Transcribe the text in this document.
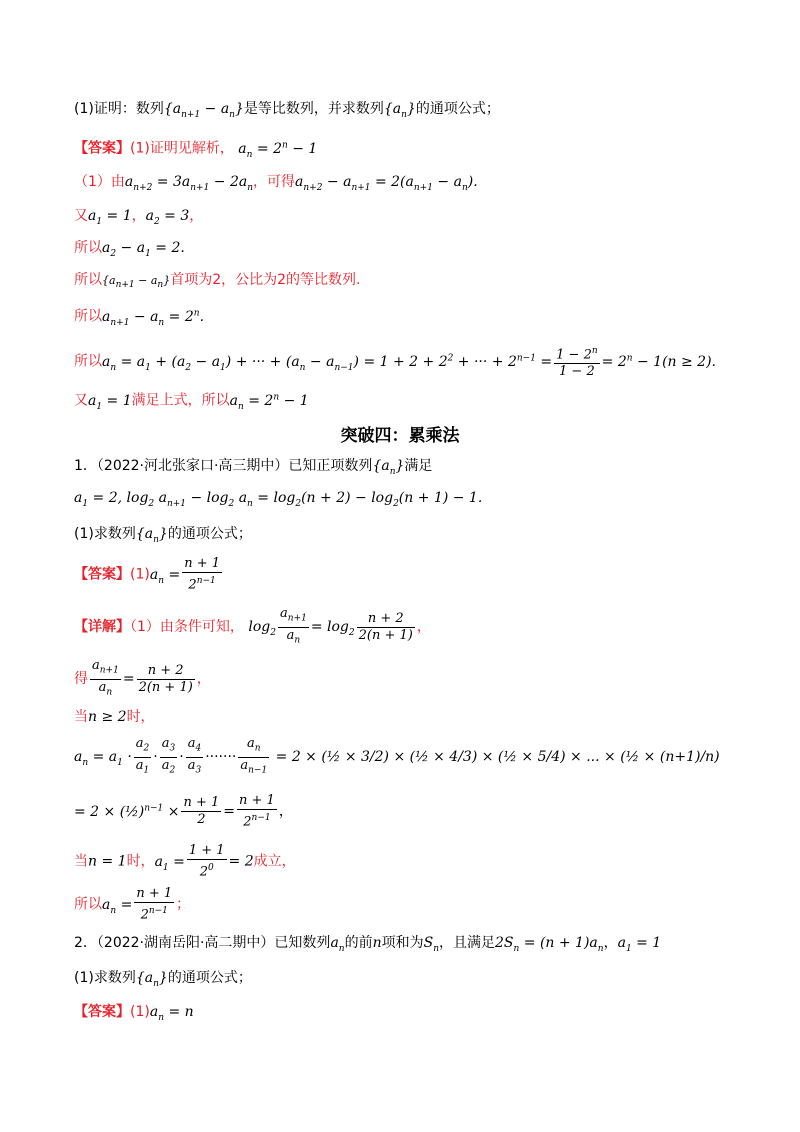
(1)证明：数列$\{a_{n+1} - a_n\}$是等比数列，并求数列$\{a_n\}$的通项公式；
【答案】(1)证明见解析， $a_n = 2^n - 1$
（1）由$a_{n+2} = 3a_{n+1} - 2a_n$，可得$a_{n+2} - a_{n+1} = 2(a_{n+1} - a_n)$.
又$a_1 = 1$，$a_2 = 3$，
所以$a_2 - a_1 = 2$.
所以$\{a_{n+1} - a_n\}$首项为2，公比为2的等比数列.
所以$a_{n+1} - a_n = 2^n$.
所以$a_n = a_1 + (a_2 - a_1)$ + ··· + $(a_n - a_{n-1}) = 1 + 2 + 2^2$ + ··· + $2^{n-1} = \frac{1 - 2^n}{1 - 2} = 2^n - 1(n \ge 2)$.
又$a_1 = 1$满足上式，所以$a_n = 2^n - 1$
突破四：累乘法
1．（2022·河北张家口·高三期中）已知正项数列$\{a_n\}$满足
$a_1 = 2$, $\log_2 a_{n+1} - \log_2 a_n = \log_2(n + 2) - \log_2(n + 1) - 1$.
(1)求数列$\{a_n\}$的通项公式；
【答案】$(1)a_n = \frac{n + 1}{2^{n-1}}$
【详解】（1）由条件可知， $\log_2 \frac{a_{n+1}}{a_n} = \log_2 \frac{n + 2}{2(n + 1)}$ ，
得 $\frac{a_{n+1}}{a_n} = \frac{n + 2}{2(n + 1)}$ ，
当n ≥ 2时，
$a_n = a_1 \cdot \frac{a_2}{a_1} \cdot \frac{a_3}{a_2} \cdot \frac{a_4}{a_3}$ ······· $\frac{a_n}{a_{n-1}} = 2$ × (½ × 3/2) × (½ × 4/3) × (½ × 5/4) × ... × (½ × (n+1)/n)
= 2 × (½)$^{n-1}$ × $\frac{n + 1}{2} = \frac{n + 1}{2^{n-1}}$ ，
当n = 1时，$a_1 = \frac{1 + 1}{2^0} = 2$成立，
所以$a_n = \frac{n + 1}{2^{n-1}}$ ；
2．（2022·湖南岳阳·高二期中）已知数列$a_n$的前n项和为$S_n$，且满足$2S_n = (n + 1)a_n$，$a_1 = 1$
(1)求数列$\{a_n\}$的通项公式；
【答案】$(1)a_n = n$
